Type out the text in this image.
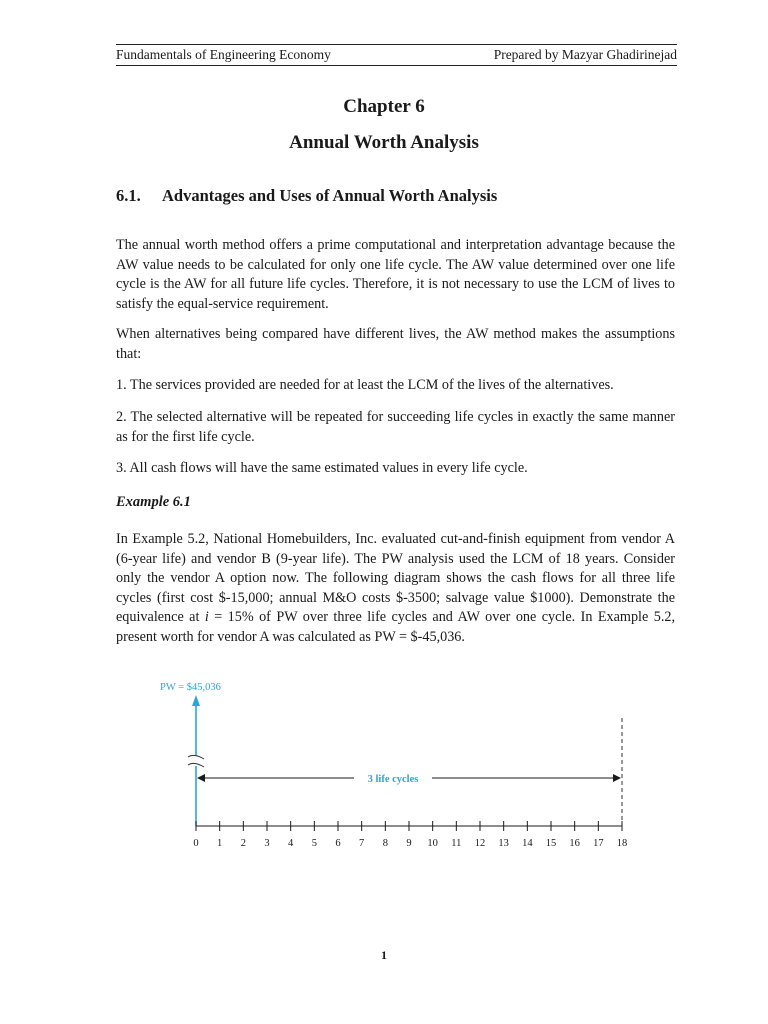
Fundamentals of Engineering Economy	Prepared by Mazyar Ghadirinejad
Chapter 6
Annual Worth Analysis
6.1. Advantages and Uses of Annual Worth Analysis

The annual worth method offers a prime computational and interpretation advantage because the AW value needs to be calculated for only one life cycle. The AW value determined over one life cycle is the AW for all future life cycles. Therefore, it is not necessary to use the LCM of lives to satisfy the equal-service requirement.

When alternatives being compared have different lives, the AW method makes the assumptions that:

1. The services provided are needed for at least the LCM of the lives of the alternatives.

2. The selected alternative will be repeated for succeeding life cycles in exactly the same manner as for the first life cycle.

3. All cash flows will have the same estimated values in every life cycle.

Example 6.1

In Example 5.2, National Homebuilders, Inc. evaluated cut-and-finish equipment from vendor A (6-year life) and vendor B (9-year life). The PW analysis used the LCM of 18 years. Consider only the vendor A option now. The following diagram shows the cash flows for all three life cycles (first cost $-15,000; annual M&O costs $-3500; salvage value $1000). Demonstrate the equivalence at i = 15% of PW over three life cycles and AW over one cycle. In Example 5.2, present worth for vendor A was calculated as PW = $-45,036.

PW = $45,036
3 life cycles
0 1 2 3 4 5 6 7 8 9 10 11 12 13 14 15 16 17 18
1
